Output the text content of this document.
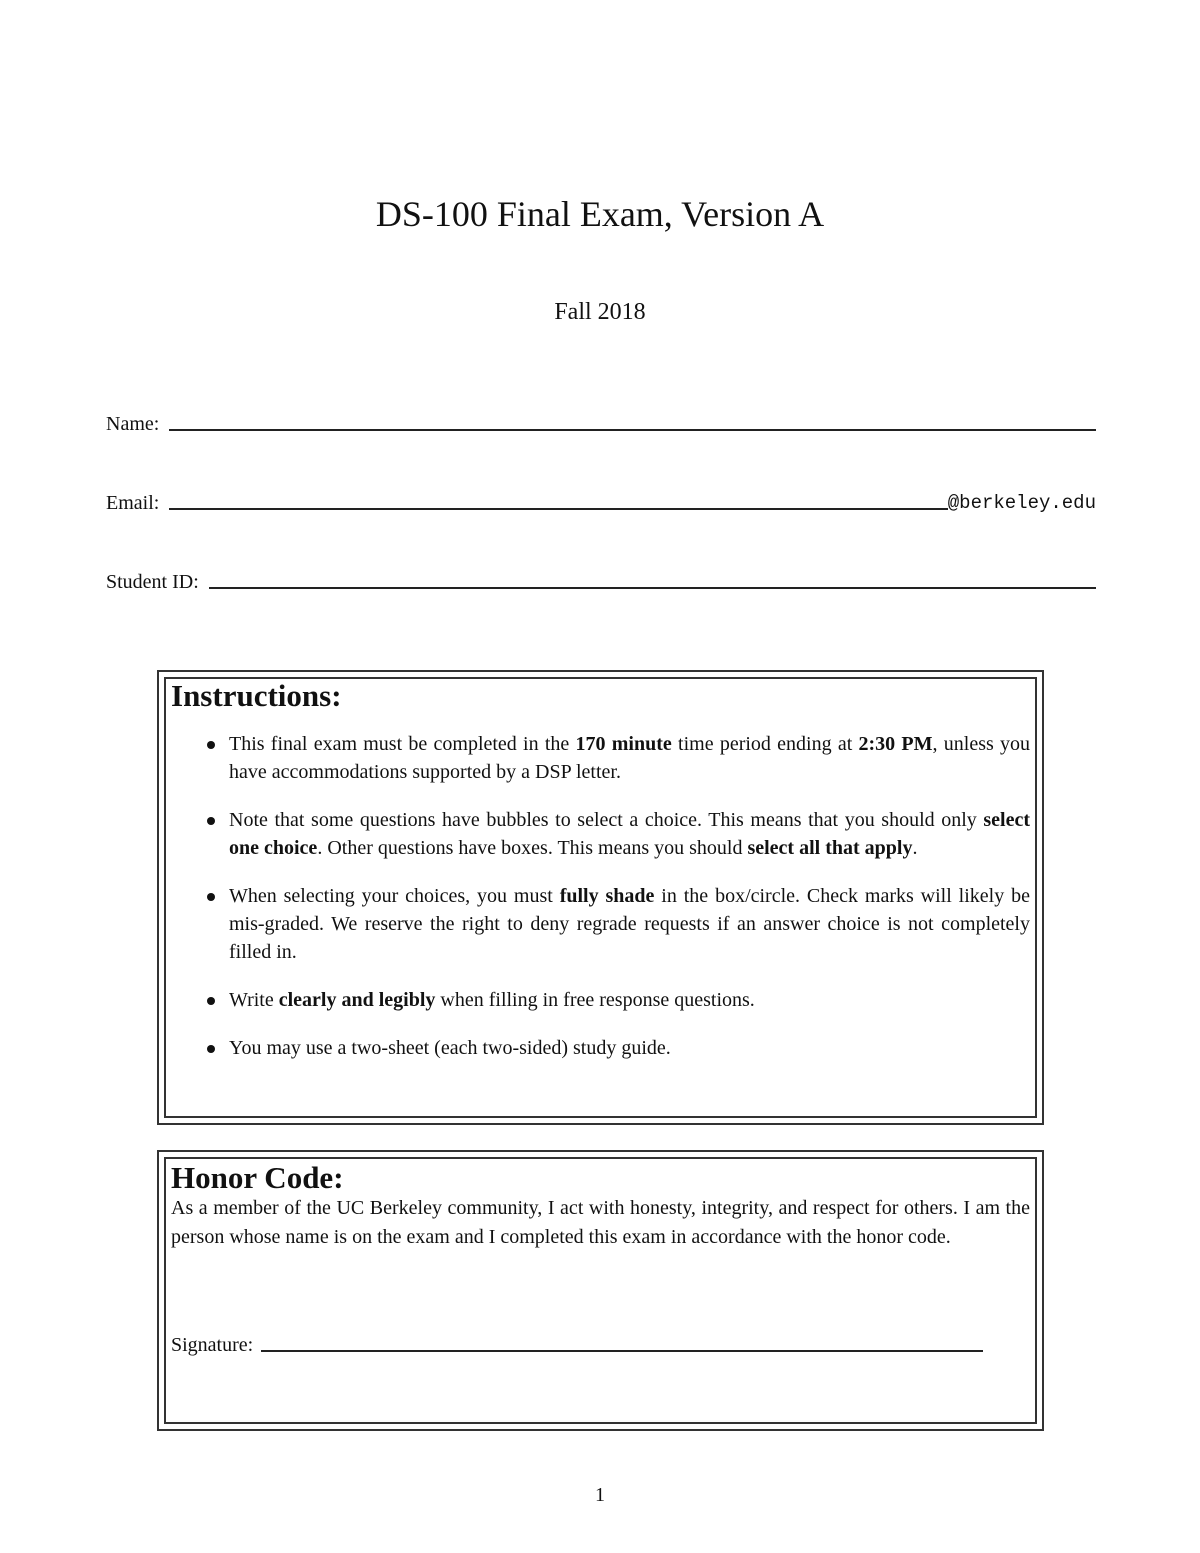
DS-100 Final Exam, Version A
Fall 2018
Name:
Email:	@berkeley.edu
Student ID:
Instructions:
This final exam must be completed in the 170 minute time period ending at 2:30 PM, unless you have accommodations supported by a DSP letter.
Note that some questions have bubbles to select a choice. This means that you should only select one choice. Other questions have boxes. This means you should select all that apply.
When selecting your choices, you must fully shade in the box/circle. Check marks will likely be mis-graded. We reserve the right to deny regrade requests if an answer choice is not completely filled in.
Write clearly and legibly when filling in free response questions.
You may use a two-sheet (each two-sided) study guide.
Honor Code:
As a member of the UC Berkeley community, I act with honesty, integrity, and respect for others. I am the person whose name is on the exam and I completed this exam in accordance with the honor code.
Signature:
1
